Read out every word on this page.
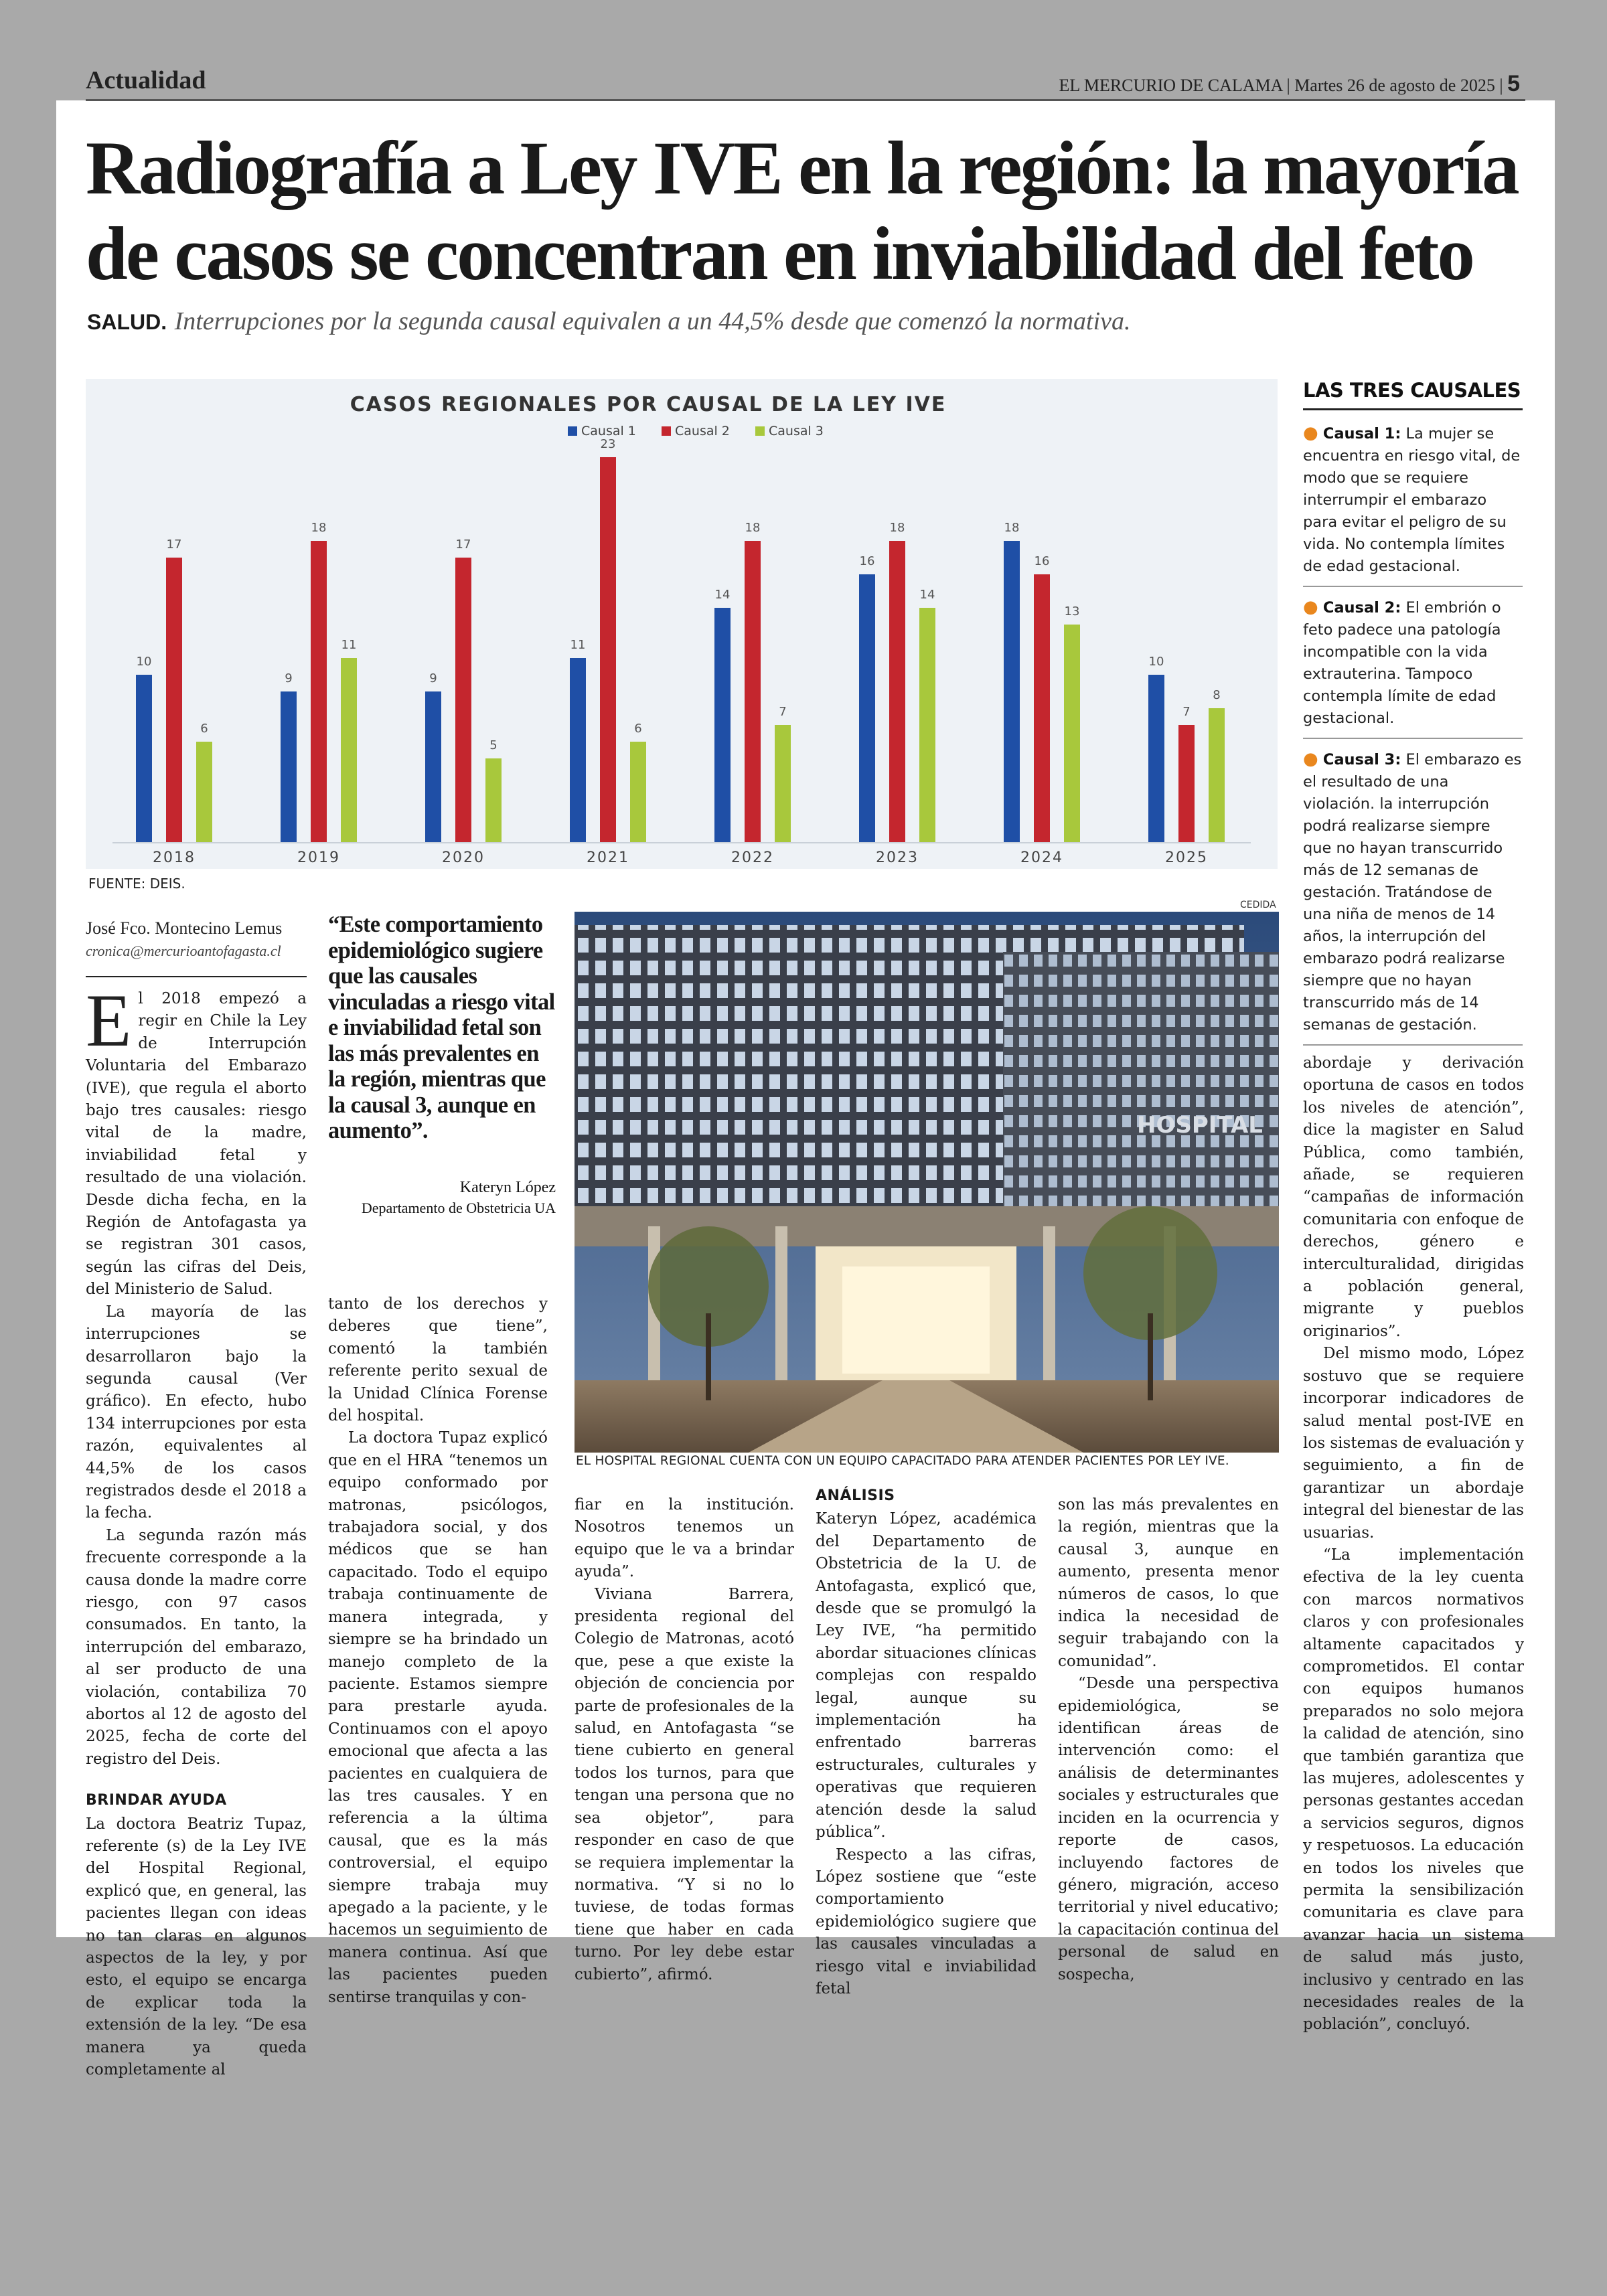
Actualidad	EL MERCURIO DE CALAMA | Martes 26 de agosto de 2025 | 5
Radiografía a Ley IVE en la región: la mayoría de casos se concentran en inviabilidad del feto
SALUD. Interrupciones por la segunda causal equivalen a un 44,5% desde que comenzó la normativa.
CASOS REGIONALES POR CAUSAL DE LA LEY IVE
Causal 1	Causal 2	Causal 3
10
17
6
2018
9
18
11
2019
9
17
5
2020
11
23
6
2021
14
18
7
2022
16
18
14
2023
18
16
13
2024
10
7
8
2025
FUENTE: DEIS.
LAS TRES CAUSALES
● Causal 1: La mujer se encuentra en riesgo vital, de modo que se requiere interrumpir el embarazo para evitar el peligro de su vida. No contempla límites de edad gestacional.
● Causal 2: El embrión o feto padece una patología incompatible con la vida extrauterina. Tampoco contempla límite de edad gestacional.
● Causal 3: El embarazo es el resultado de una violación. la interrupción podrá realizarse siempre que no hayan transcurrido más de 12 semanas de gestación. Tratándose de una niña de menos de 14 años, la interrupción del embarazo podrá realizarse siempre que no hayan transcurrido más de 14 semanas de gestación.
José Fco. Montecino Lemus
cronica@mercurioantofagasta.cl
E l 2018 empezó a regir en Chile la Ley de Interrupción Voluntaria del Embarazo (IVE), que regula el aborto bajo tres causales: riesgo vital de la madre, inviabilidad fetal y resultado de una violación. Desde dicha fecha, en la Región de Antofagasta ya se registran 301 casos, según las cifras del Deis, del Ministerio de Salud.

La mayoría de las interrupciones se desarrollaron bajo la segunda causal (Ver gráfico). En efecto, hubo 134 interrupciones por esta razón, equivalentes al 44,5% de los casos registrados desde el 2018 a la fecha.

La segunda razón más frecuente corresponde a la causa donde la madre corre riesgo, con 97 casos consumados. En tanto, la interrupción del embarazo, al ser producto de una violación, contabiliza 70 abortos al 12 de agosto del 2025, fecha de corte del registro del Deis.

BRINDAR AYUDA

La doctora Beatriz Tupaz, referente (s) de la Ley IVE del Hospital Regional, explicó que, en general, las pacientes llegan con ideas no tan claras en algunos aspectos de la ley, y por esto, el equipo se encarga de explicar toda la extensión de la ley. “De esa manera ya queda completamente al

“Este comportamiento epidemiológico sugiere que las causales vinculadas a riesgo vital e inviabilidad fetal son las más prevalentes en la región, mientras que la causal 3, aunque en aumento”.
Kateryn López
Departamento de Obstetricia UA

tanto de los derechos y deberes que tiene”, comentó la también referente perito sexual de la Unidad Clínica Forense del hospital.

La doctora Tupaz explicó que en el HRA “tenemos un equipo conformado por matronas, psicólogos, trabajadora social, y dos médicos que se han capacitado. Todo el equipo trabaja continuamente de manera integrada, y siempre se ha brindado un manejo completo de la paciente. Estamos siempre para prestarle ayuda. Continuamos con el apoyo emocional que afecta a las pacientes en cualquiera de las tres causales. Y en referencia a la última causal, que es la más controversial, el equipo siempre trabaja muy apegado a la paciente, y le hacemos un seguimiento de manera continua. Así que las pacientes pueden sentirse tranquilas y con-

CEDIDA
HOSPITAL
EL HOSPITAL REGIONAL CUENTA CON UN EQUIPO CAPACITADO PARA ATENDER PACIENTES POR LEY IVE.

fiar en la institución. Nosotros tenemos un equipo que le va a brindar ayuda”.

Viviana Barrera, presidenta regional del Colegio de Matronas, acotó que, pese a que existe la objeción de conciencia por parte de profesionales de la salud, en Antofagasta “se tiene cubierto en general todos los turnos, para que tengan una persona que no sea objetor”, para responder en caso de que se requiera implementar la normativa. “Y si no lo tuviese, de todas formas tiene que haber en cada turno. Por ley debe estar cubierto”, afirmó.

ANÁLISIS

Kateryn López, académica del Departamento de Obstetricia de la U. de Antofagasta, explicó que, desde que se promulgó la Ley IVE, “ha permitido abordar situaciones clínicas complejas con respaldo legal, aunque su implementación ha enfrentado barreras estructurales, culturales y operativas que requieren atención desde la salud pública”.

Respecto a las cifras, López sostiene que “este comportamiento epidemiológico sugiere que las causales vinculadas a riesgo vital e inviabilidad fetal

son las más prevalentes en la región, mientras que la causal 3, aunque en aumento, presenta menor números de casos, lo que indica la necesidad de seguir trabajando con la comunidad”.

“Desde una perspectiva epidemiológica, se identifican áreas de intervención como: el análisis de determinantes sociales y estructurales que inciden en la ocurrencia y reporte de casos, incluyendo factores de género, migración, acceso territorial y nivel educativo; la capacitación continua del personal de salud en sospecha,

abordaje y derivación oportuna de casos en todos los niveles de atención”, dice la magister en Salud Pública, como también, añade, se requieren “campañas de información comunitaria con enfoque de derechos, género e interculturalidad, dirigidas a población general, migrante y pueblos originarios”.

Del mismo modo, López sostuvo que se requiere incorporar indicadores de salud mental post-IVE en los sistemas de evaluación y seguimiento, a fin de garantizar un abordaje integral del bienestar de las usuarias.

“La implementación efectiva de la ley cuenta con marcos normativos claros y con profesionales altamente capacitados y comprometidos. El contar con equipos humanos preparados no solo mejora la calidad de atención, sino que también garantiza que las mujeres, adolescentes y personas gestantes accedan a servicios seguros, dignos y respetuosos. La educación en todos los niveles que permita la sensibilización comunitaria es clave para avanzar hacia un sistema de salud más justo, inclusivo y centrado en las necesidades reales de la población”, concluyó.
